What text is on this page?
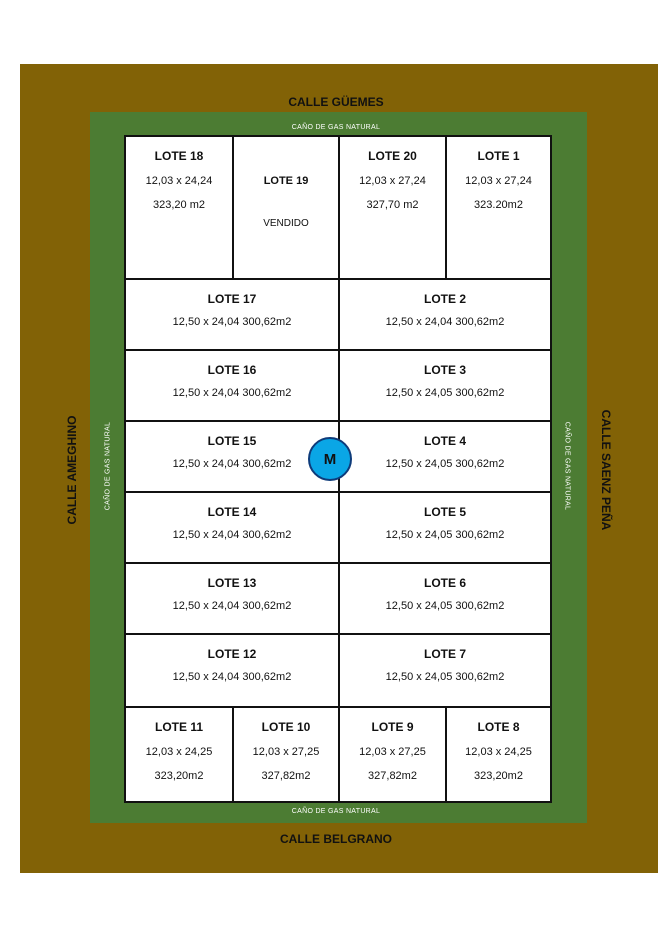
CALLE GÜEMES
CALLE BELGRANO
CALLE AMEGHINO	CALLE SAENZ PEÑA
CAÑO DE GAS NATURAL
CAÑO DE GAS NATURAL
CAÑO DE GAS NATURAL	CAÑO DE GAS NATURAL
LOTE 18
12,03 x 24,24
323,20 m2
LOTE 19
VENDIDO
LOTE 20
12,03 x 27,24
327,70 m2
LOTE 1
12,03 x 27,24
323.20m2
LOTE 17
12,50 x 24,04 300,62m2
LOTE 2
12,50 x 24,04 300,62m2
LOTE 16
12,50 x 24,04 300,62m2
LOTE 3
12,50 x 24,05 300,62m2
LOTE 15
12,50 x 24,04 300,62m2
LOTE 4
12,50 x 24,05 300,62m2
LOTE 14
12,50 x 24,04 300,62m2
LOTE 5
12,50 x 24,05 300,62m2
LOTE 13
12,50 x 24,04 300,62m2
LOTE 6
12,50 x 24,05 300,62m2
LOTE 12
12,50 x 24,04 300,62m2
LOTE 7
12,50 x 24,05 300,62m2
LOTE 11
12,03 x 24,25
323,20m2
LOTE 10
12,03 x 27,25
327,82m2
LOTE 9
12,03 x 27,25
327,82m2
LOTE 8
12,03 x 24,25
323,20m2
M
